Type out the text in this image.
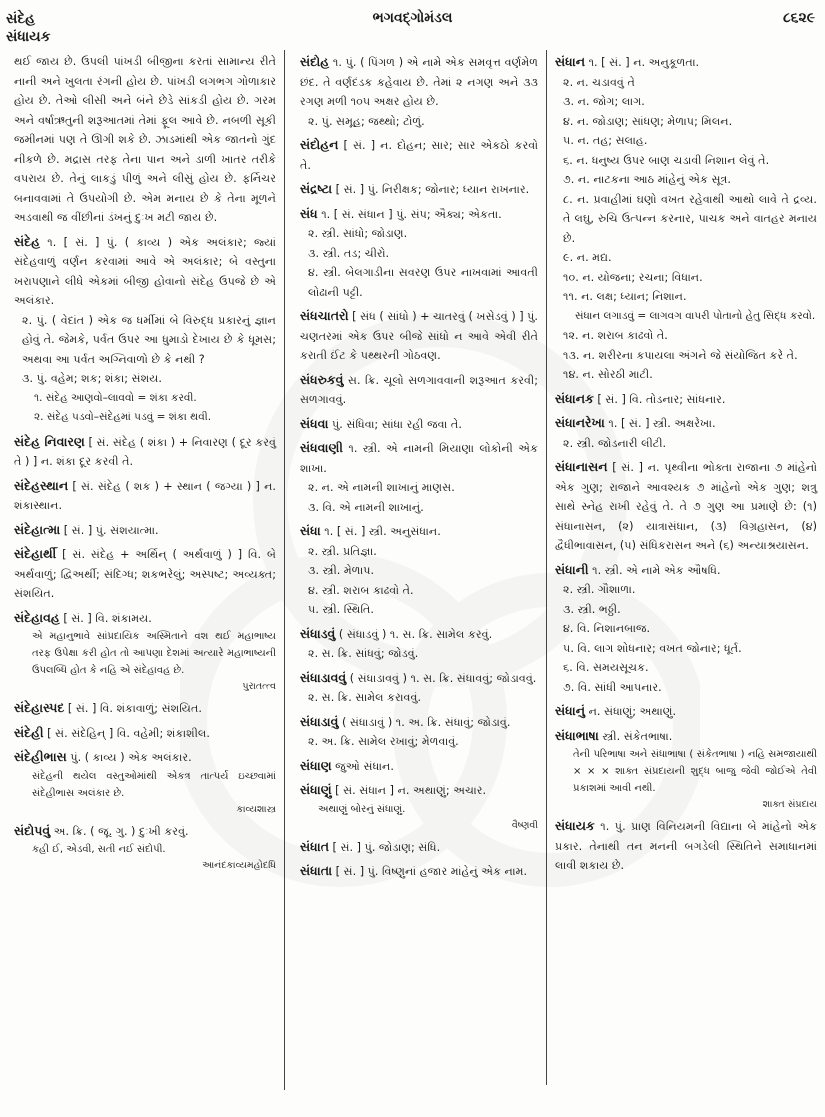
સંદેહ
સંધાયક
ભગવદ્ગોમંડલ	૮૬૨૯
થઈ જાય છે. ઉપલી પાંખડી બીજીના કરતાં સામાન્ય રીતે નાની અને ખુલતા રંગની હોય છે. પાંખડી લગભગ ગોળાકાર હોય છે. તેઓ લીસી અને બંને છેડે સાંકડી હોય છે. ગરમ અને વર્ષાઋતુની શરૂઆતમાં તેમાં ફૂલ આવે છે. નબળી સૂકી જમીનમાં પણ તે ઊગી શકે છે. ઝાડમાંથી એક જાતનો ગુંદ નીકળે છે. મદ્રાસ તરફ તેના પાન અને ડાળી ખાતર તરીકે વપરાય છે. તેનું લાકડું પીળું અને લીસું હોય છે. ફર્નિચર બનાવવામાં તે ઉપયોગી છે. એમ મનાય છે કે તેના મૂળને અડવાથી જ વીંછીનાં ડંખનું દુઃખ મટી જાય છે.
સંદેહ ૧. [ સં. ] પું. ( કાવ્ય ) એક અલંકાર; જ્યાં સંદેહવાળું વર્ણન કરવામાં આવે એ અલંકાર; બે વસ્તુના ખરાપણાને લીધે એકમાં બીજી હોવાનો સંદેહ ઉપજે છે એ અલંકાર.
૨. પું. ( વેદાંત ) એક જ ધર્મીમાં બે વિરુદ્ધ પ્રકારનું જ્ઞાન હોવું તે. જેમકે, પર્વત ઉપર આ ધુમાડો દેખાય છે કે ધૂમસ; અથવા આ પર્વત અગ્નિવાળો છે કે નથી ?
૩. પું. વહેમ; શક; શંકા; સંશય.
૧. સંદેહ આણવો–લાવવો = શંકા કરવી.
૨. સંદેહ પડવો–સંદેહમાં પડવું = શંકા થવી.
સંદેહ નિવારણ [ સં. સંદેહ ( શંકા ) + નિવારણ ( દૂર કરવું તે ) ] ન. શંકા દૂર કરવી તે.
સંદેહસ્થાન [ સં. સંદેહ ( શક ) + સ્થાન ( જગ્યા ) ] ન. શંકાસ્થાન.
સંદેહાત્મા [ સં. ] પું. સંશયાત્મા.
સંદેહાર્થી [ સં. સંદેહ + અર્થિન્ ( અર્થવાળું ) ] વિ. બે અર્થવાળું; દ્વિઅર્થી; સંદિગ્ધ; શકભરેલું; અસ્પષ્ટ; અવ્યક્ત; સંશયિત.
સંદેહાવહ [ સં. ] વિ. શંકામય.
એ મહાનુભાવે સાંપ્રદાયિક અસ્મિતાને વશ થઈ મહાભાષ્ય તરફ ઉપેક્ષા કરી હોત તો આપણા દેશમાં અત્યારે મહાભાષ્યની ઉપલબ્ધિ હોત કે નહિ એ સંદેહાવહ છે.
પુરાતત્ત્વ
સંદેહાસ્પદ [ સં. ] વિ. શંકાવાળું; સંશયિત.
સંદેહી [ સં. સંદેહિન્ ] વિ. વહેમી; શંકાશીલ.
સંદેહીભાસ પું. ( કાવ્ય ) એક અલંકાર.
સંદેહની થયેલ વસ્તુઓમાંથી એકત્ર તાત્પર્ય ઇચ્છવામાં સંદેહીભાસ અલંકાર છે.
કાવ્યશાસ્ત્ર
સંદોપવું અ. ક્રિ. ( જૂ. ગુ. ) દુઃખી કરવું.
કહી ઈ, એડવી, સતી નઈ સંદોપી.
આનંદકાવ્યમહોદધિ
સંદોહ ૧. પું. ( પિંગળ ) એ નામે એક સમવૃત્ત વર્ણમેળ છંદ. તે વર્ણદંડક કહેવાય છે. તેમાં ૨ નગણ અને ૩૩ રગણ મળી ૧૦૫ અક્ષર હોય છે.
૨. પું. સમૂહ; જથ્થો; ટોળું.
સંદોહન [ સં. ] ન. દોહન; સાર; સાર એકઠો કરવો તે.
સંદ્રષ્ટા [ સં. ] પું. નિરીક્ષક; જોનાર; ધ્યાન રાખનાર.
સંધ ૧. [ સં. સંધાન ] પું. સંપ; ઐક્ય; એકતા.
૨. સ્ત્રી. સાંધો; જોડાણ.
૩. સ્ત્રી. તડ; ચીરો.
૪. સ્ત્રી. બેલગાડીના સવરણ ઉપર નાખવામાં આવતી લોઢાની પટ્ટી.
સંધચાતરો [ સંધ ( સાંધો ) + ચાતરવું ( ખસેડવું ) ] પું. ચણતરમાં એક ઉપર બીજે સાંધો ન આવે એવી રીતે કરાતી ઈંટ કે પથ્થરની ગોઠવણ.
સંધરુકવું સ. ક્રિ. ચૂલો સળગાવવાની શરૂઆત કરવી; સળગાવવું.
સંધવા પું. સંધિવા; સાંધા રહી જવા તે.
સંધવાણી ૧. સ્ત્રી. એ નામની મિયાણા લોકોની એક શાખા.
૨. ન. એ નામની શાખાનું માણસ.
૩. વિ. એ નામની શાખાનું.
સંધા ૧. [ સં. ] સ્ત્રી. અનુસંધાન.
૨. સ્ત્રી. પ્રતિજ્ઞા.
૩. સ્ત્રી. મેળાપ.
૪. સ્ત્રી. શરાબ કાઢવો તે.
૫. સ્ત્રી. સ્થિતિ.
સંધાડવું ( સંધાડવું ) ૧. સ. ક્રિ. સામેલ કરવું.
૨. સ. ક્રિ. સાંધવું; જોડવું.
સંધાડાવવું ( સંધાડાવવું ) ૧. સ. ક્રિ. સંધાવવું; જોડાવવું.
૨. સ. ક્રિ. સામેલ કરાવવું.
સંધાડાવું ( સંધાડાવું ) ૧. અ. ક્રિ. સંધાવું; જોડાવું.
૨. અ. ક્રિ. સામેલ રખાવું; મેળવાવું.
સંધાણ જુઓ સંધાન.
સંધાણું [ સં. સંધાન ] ન. અથાણું; અચાર.
અથાણું બોરનું સંધાણું.
વૈષ્ણવી
સંધાત [ સં. ] પું. જોડાણ; સંધિ.
સંધાતા [ સં. ] પું. વિષ્ણુનાં હજાર માંહેનું એક નામ.
સંધાન ૧. [ સં. ] ન. અનુકૂળતા.
૨. ન. ચડાવવું તે
૩. ન. જોગ; લાગ.
૪. ન. જોડાણ; સાંધણ; મેળાપ; મિલન.
૫. ન. તહ; સલાહ.
૬. ન. ધનુષ્ય ઉપર બાણ ચડાવી નિશાન લેવું તે.
૭. ન. નાટકના આઠ માંહેનું એક સૂત્ર.
૮. ન. પ્રવાહીમાં ઘણો વખત રહેવાથી આથો લાવે તે દ્રવ્ય. તે લઘુ, રુચિ ઉત્પન્ન કરનાર, પાચક અને વાતહર મનાય છે.
૯. ન. મદ્ય.
૧૦. ન. યોજના; રચના; વિધાન.
૧૧. ન. લક્ષ; ધ્યાન; નિશાન.
સંધાન લગાડવું = લાગવગ વાપરી પોતાનો હેતુ સિદ્ધ કરવો.
૧૨. ન. શરાબ કાઢવો તે.
૧૩. ન. શરીરના કપાયલા અંગને જે સંયોજિત કરે તે.
૧૪. ન. સોરઠી માટી.
સંધાનક [ સં. ] વિ. તોડનાર; સાંધનાર.
સંધાનરેખા ૧. [ સં. ] સ્ત્રી. અક્ષરેખા.
૨. સ્ત્રી. જોડનારી લીટી.
સંધાનાસન [ સં. ] ન. પૃથ્વીના ભોક્તા રાજાના ૭ માંહેનો એક ગુણ; રાજાને આવશ્યક ૭ માંહેનો એક ગુણ; શત્રુ સાથે સ્નેહ રાખી રહેવું તે. તે ૭ ગુણ આ પ્રમાણે છે: (૧) સંધાનાસન, (૨) યાત્રાસંધાન, (૩) વિગ્રહાસન, (૪) દ્વૈધીભાવાસન, (૫) સંધિકરાસન અને (૬) અન્યાશ્રયાસન.
સંધાની ૧. સ્ત્રી. એ નામે એક ઔષધિ.
૨. સ્ત્રી. ગૌશાળા.
૩. સ્ત્રી. ભઠ્ઠી.
૪. વિ. નિશાનબાજ.
૫. વિ. લાગ શોધનાર; વખત જોનાર; ધૂર્ત.
૬. વિ. સમયસૂચક.
૭. વિ. સાંધી આપનાર.
સંધાનું ન. સંધાણું; અથાણું.
સંધાભાષા સ્ત્રી. સંકેતભાષા.
તેની પરિભાષા અને સંધાભાષા ( સંકેતભાષા ) નહિ સમજાયાથી × × × શાક્ત સંપ્રદાયની શુદ્ધ બાજુ જેવી જોઈએ તેવી પ્રકાશમાં આવી નથી.
શાક્ત સંપ્રદાય
સંધાયક ૧. પું. પ્રાણ વિનિયમની વિદ્યાના બે માંહેનો એક પ્રકાર. તેનાથી તન મનની બગડેલી સ્થિતિને સમાધાનમાં લાવી શકાય છે.
